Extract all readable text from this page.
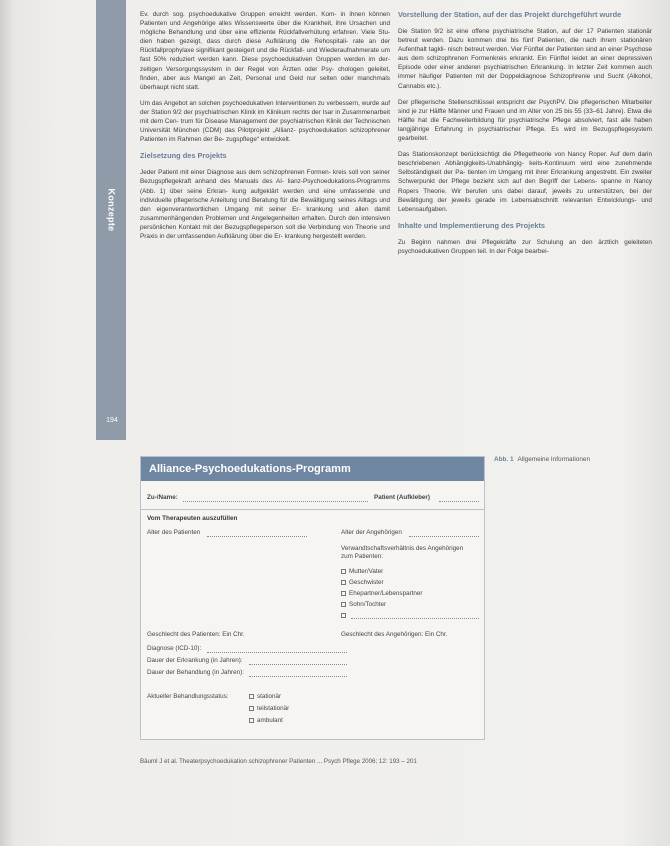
Konzepte
194

Ev. durch sog. psychoedukative Gruppen erreicht werden. Kom- in ihnen können Patienten und Angehörige alles Wissenswerte über die Krankheit, ihre Ursachen und mögliche Behandlung und über eine effiziente Rückfallverhütung erfahren. Viele Stu- dien haben gezeigt, dass durch diese Aufklärung die Rehospitali- rate an der Rückfallprophylaxe signifikant gesteigert und die Rückfall- und Wiederaufnahmerate um fast 50% reduziert werden kann. Diese psychoedukativen Gruppen werden im der- zeitigen Versorgungssystem in der Regel von Ärzten oder Psy- chologen geleitet, finden, aber aus Mangel an Zeit, Personal und Geld nur selten oder manchmals überhaupt nicht statt.

Um das Angebot an solchen psychoedukativen Interventionen zu verbessern, wurde auf der Station 9/2 der psychiatrischen Klinik im Klinikum rechts der Isar in Zusammenarbeit mit dem Cen- trum für Disease Management der psychiatrischen Klinik der Technischen Universität München (CDM) das Pilotprojekt „Allianz- psychoedukation schizophrener Patienten im Rahmen der Be- zugspflege“ entwickelt.

Zielsetzung des Projekts

Jeder Patient mit einer Diagnose aus dem schizophrenen Formen- kreis soll von seiner Bezugspflegekraft anhand des Manuals des Al- lianz-Psychoedukations-Programms (Abb. 1) über seine Erkran- kung aufgeklärt werden und eine umfassende und individuelle pflegerische Anleitung und Beratung für die Bewältigung seines Alltags und den eigenverantwortlichen Umgang mit seiner Er- krankung und allen damit zusammenhängenden Problemen und Angelegenheiten erhalten. Durch den intensiven persönlichen Kontakt mit der Bezugspflegeperson soll die Verbindung von Theorie und Praxis in der umfassenden Aufklärung über die Er- krankung hergestellt werden.

Vorstellung der Station, auf der das Projekt durchgeführt wurde

Die Station 9/2 ist eine offene psychiatrische Station, auf der 17 Patienten stationär betreut werden. Dazu kommen drei bis fünf Patienten, die nach ihrem stationären Aufenthalt tagkli- nisch betreut werden. Vier Fünftel der Patienten sind an einer Psychose aus dem schizophrenen Formenkreis erkrankt. Ein Fünftel leidet an einer depressiven Episode oder einer anderen psychiatrischen Erkrankung. In letzter Zeit kommen auch immer häufiger Patienten mit der Doppeldiagnose Schizophrenie und Sucht (Alkohol, Cannabis etc.).

Der pflegerische Stellenschlüssel entspricht der PsychPV. Die pflegerischen Mitarbeiter sind je zur Hälfte Männer und Frauen und im Alter von 25 bis 55 (33–61 Jahre). Etwa die Hälfte hat die Fachweiterbildung für psychiatrische Pflege absolviert, fast alle haben langjährige Erfahrung in psychiatrischer Pflege. Es wird im Bezugspflegesystem gearbeitet.

Das Stationskonzept berücksichtigt die Pflegetheorie von Nancy Roper. Auf dem darin beschriebenen Abhängigkeits-Unabhängig- keits-Kontinuum wird eine zunehmende Selbständigkeit der Pa- tienten im Umgang mit ihrer Erkrankung angestrebt. Ein zweiter Schwerpunkt der Pflege bezieht sich auf den Begriff der Lebens- spanne in Nancy Ropers Theorie. Wir berufen uns dabei darauf, jeweils zu unterstützen, bei der Bewältigung der jeweils gerade im Lebensabschnitt relevanten Entwicklungs- und Lebensaufgaben.

Inhalte und Implementierung des Projekts

Zu Beginn nahmen drei Pflegekräfte zur Schulung an den ärztlich geleiteten psychoedukativen Gruppen teil. In der Folge bearbei-

Abb. 1 Allgemeine Informationen
Alliance-Psychoedukations-Programm
Zu-/Name:	Patient (Aufkleber)
Vom Therapeuten auszufüllen
Alter des Patienten	Alter der Angehörigen
Verwandtschaftsverhältnis des Angehörigen zum Patienten:
Mutter/Vater
Geschwister
Ehepartner/Lebenspartner
Sohn/Tochter
Geschlecht des Patienten: Ein Chr.	Geschlecht des Angehörigen: Ein Chr.
Diagnose (ICD-10):
Dauer der Erkrankung (in Jahren):
Dauer der Behandlung (in Jahren):
Aktueller Behandlungsstatus:	stationär
teilstationär
ambulant
Bäuml J et al. Theaterpsychoedukation schizophrener Patienten ... Psych Pflege 2006; 12: 193 – 201
